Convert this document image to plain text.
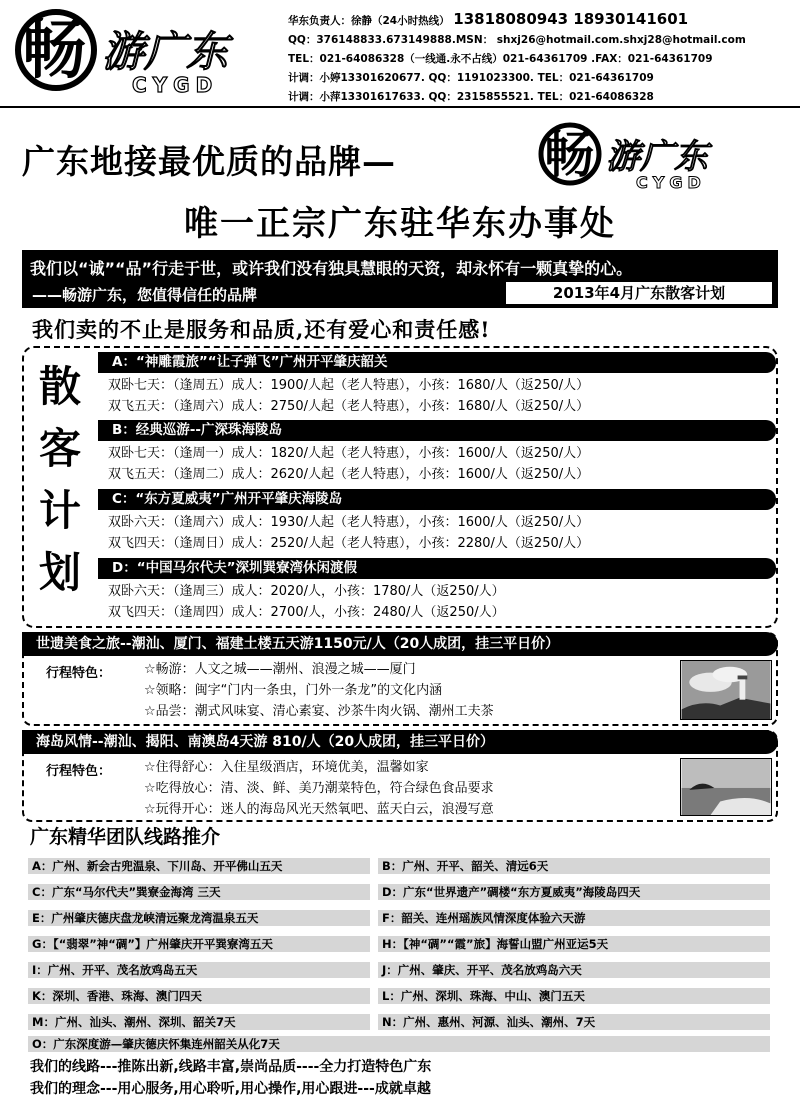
畅 游广东
CYGD
华东负责人：徐静（24小时热线） 13818080943 18930141601
QQ：376148833.673149888.MSN： shxj26@hotmail.com.shxj28@hotmail.com
TEL：021-64086328（一线通.永不占线）021-64361709 .FAX：021-64361709
计调：小婷13301620677. QQ：1191023300. TEL：021-64361709
计调：小萍13301617633. QQ：2315855521. TEL：021-64086328
广东地接最优质的品牌—	畅 游广东
CYGD
唯一正宗广东驻华东办事处
我们以“诚”“品”行走于世，或许我们没有独具慧眼的天资，却永怀有一颗真挚的心。
——畅游广东，您值得信任的品牌	2013年4月广东散客计划
我们卖的不止是服务和品质,还有爱心和责任感!
散
客
计
划
A：“神雕霞旅”“让子弹飞”广州开平肇庆韶关
双卧七天：（逢周五）成人：1900/人起（老人特惠），小孩：1680/人（返250/人）
双飞五天：（逢周六）成人：2750/人起（老人特惠），小孩：1680/人（返250/人）
B：经典巡游--广深珠海陵岛
双卧七天：（逢周一）成人：1820/人起（老人特惠），小孩：1600/人（返250/人）
双飞五天：（逢周二）成人：2620/人起（老人特惠），小孩：1600/人（返250/人）
C：“东方夏威夷”广州开平肇庆海陵岛
双卧六天：（逢周六）成人：1930/人起（老人特惠），小孩：1600/人（返250/人）
双飞四天：（逢周日）成人：2520/人起（老人特惠），小孩：2280/人（返250/人）
D：“中国马尔代夫”深圳巽寮湾休闲渡假
双卧六天：（逢周三）成人：2020/人，小孩：1780/人（返250/人）
双飞四天：（逢周四）成人：2700/人，小孩：2480/人（返250/人）
世遗美食之旅--潮汕、厦门、福建土楼五天游1150元/人（20人成团，挂三平日价）
行程特色：	☆畅游：人文之城——潮州、浪漫之城——厦门
☆领略：闽字“门内一条虫，门外一条龙”的文化内涵
☆品尝：潮式风味宴、清心素宴、沙茶牛肉火锅、潮州工夫茶
海岛风情--潮汕、揭阳、南澳岛4天游 810/人（20人成团，挂三平日价）
行程特色：	☆住得舒心：入住星级酒店，环境优美，温馨如家
☆吃得放心：清、淡、鲜、美乃潮菜特色，符合绿色食品要求
☆玩得开心：迷人的海岛风光天然氧吧、蓝天白云，浪漫写意
广东精华团队线路推介
A：广州、新会古兜温泉、下川岛、开平佛山五天	B：广州、开平、韶关、清远6天
C：广东“马尔代夫”巽寮金海湾 三天	D：广东“世界遗产”碉楼“东方夏威夷”海陵岛四天
E：广州肇庆德庆盘龙峡清远聚龙湾温泉五天	F：韶关、连州瑶族风情深度体验六天游
G：【“翡翠”神“碉”】广州肇庆开平巽寮湾五天	H：【神“碉”“霞”旅】海誓山盟广州亚运5天
I：广州、开平、茂名放鸡岛五天	J：广州、肇庆、开平、茂名放鸡岛六天
K：深圳、香港、珠海、澳门四天	L：广州、深圳、珠海、中山、澳门五天
M：广州、汕头、潮州、深圳、韶关7天	N：广州、惠州、河源、汕头、潮州、7天
O：广东深度游—肇庆德庆怀集连州韶关从化7天
我们的线路---推陈出新,线路丰富,崇尚品质----全力打造特色广东
我们的理念---用心服务,用心聆听,用心操作,用心跟进---成就卓越
